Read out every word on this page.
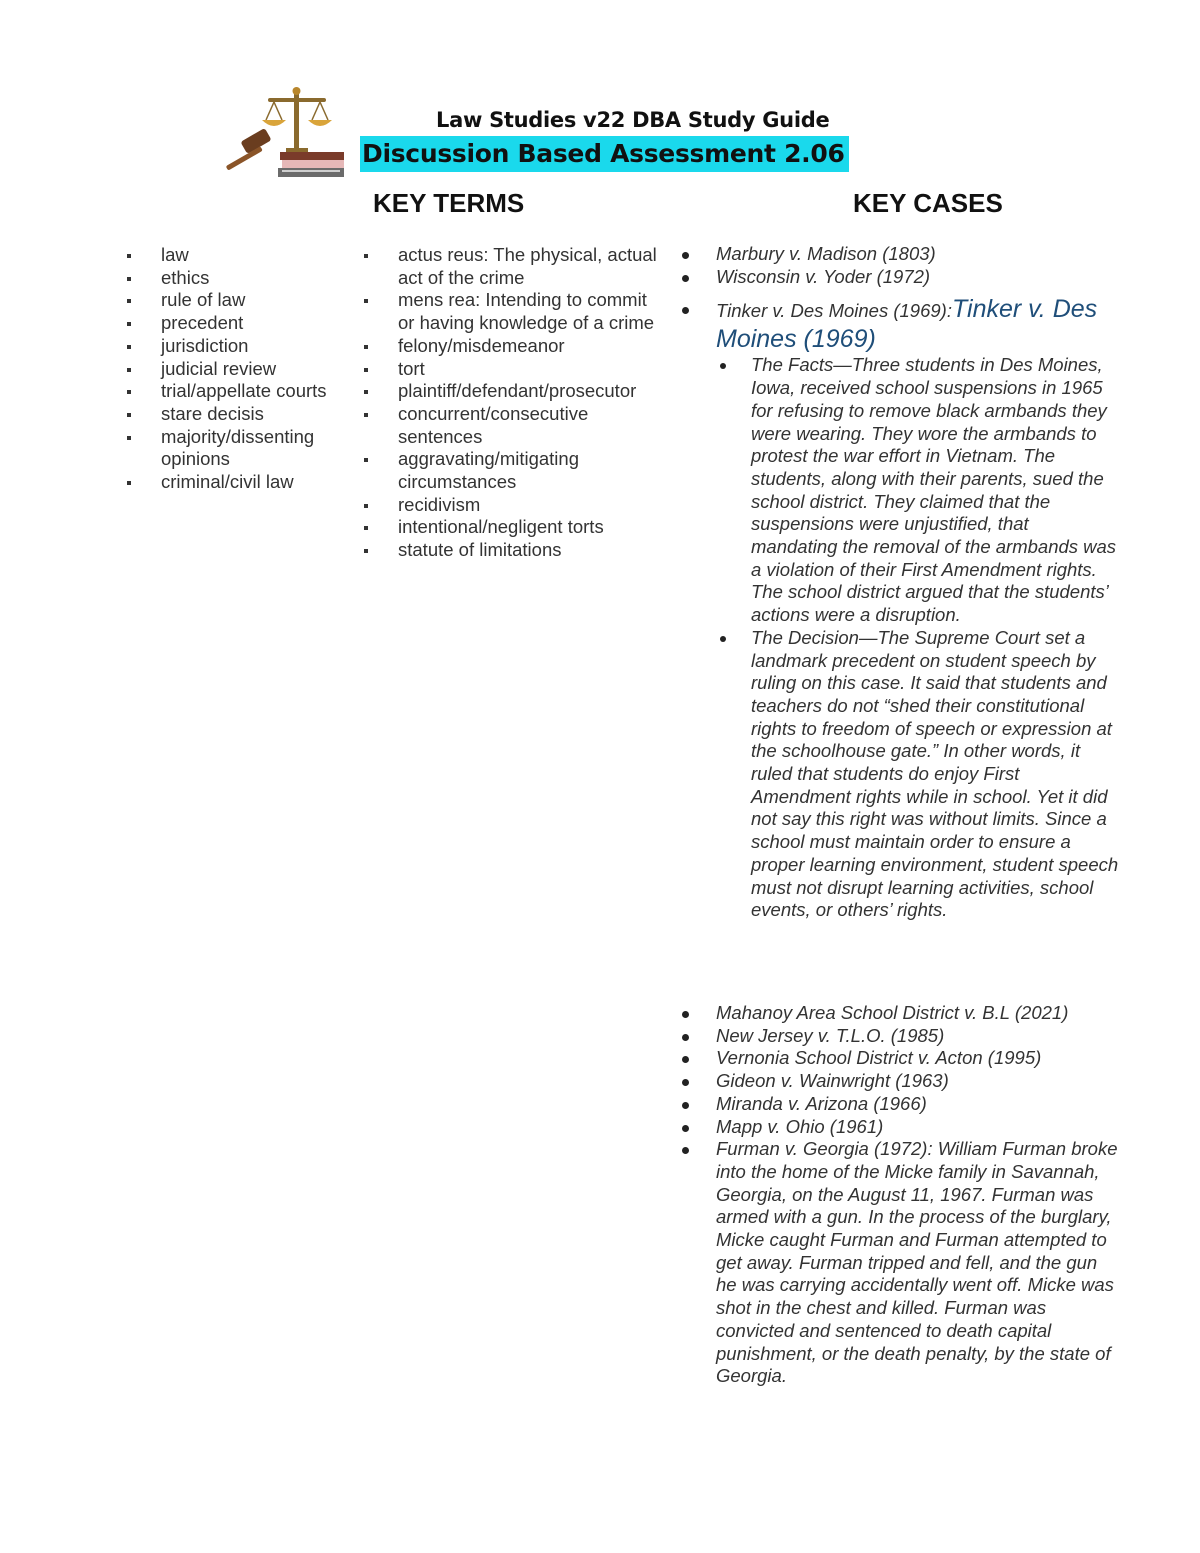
Law Studies v22 DBA Study Guide
Discussion Based Assessment 2.06
KEY TERMS	KEY CASES
law
ethics
rule of law
precedent
jurisdiction
judicial review
trial/appellate courts
stare decisis
majority/dissenting opinions
criminal/civil law
actus reus: The physical, actual act of the crime
mens rea: Intending to commit or having knowledge of a crime
felony/misdemeanor
tort
plaintiff/defendant/prosecutor
concurrent/consecutive sentences
aggravating/mitigating circumstances
recidivism
intentional/negligent torts
statute of limitations
Marbury v. Madison (1803)
Wisconsin v. Yoder (1972)
Tinker v. Des Moines (1969):Tinker v. Des Moines (1969)
The Facts—Three students in Des Moines, Iowa, received school suspensions in 1965 for refusing to remove black armbands they were wearing. They wore the armbands to protest the war effort in Vietnam. The students, along with their parents, sued the school district. They claimed that the suspensions were unjustified, that mandating the removal of the armbands was a violation of their First Amendment rights. The school district argued that the students’ actions were a disruption.
The Decision—The Supreme Court set a landmark precedent on student speech by ruling on this case. It said that students and teachers do not “shed their constitutional rights to freedom of speech or expression at the schoolhouse gate.” In other words, it ruled that students do enjoy First Amendment rights while in school. Yet it did not say this right was without limits. Since a school must maintain order to ensure a proper learning environment, student speech must not disrupt learning activities, school events, or others’ rights.
Mahanoy Area School District v. B.L (2021)
New Jersey v. T.L.O. (1985)
Vernonia School District v. Acton (1995)
Gideon v. Wainwright (1963)
Miranda v. Arizona (1966)
Mapp v. Ohio (1961)
Furman v. Georgia (1972): William Furman broke into the home of the Micke family in Savannah, Georgia, on the August 11, 1967. Furman was armed with a gun. In the process of the burglary, Micke caught Furman and Furman attempted to get away. Furman tripped and fell, and the gun he was carrying accidentally went off. Micke was shot in the chest and killed. Furman was convicted and sentenced to death capital punishment, or the death penalty, by the state of Georgia.
